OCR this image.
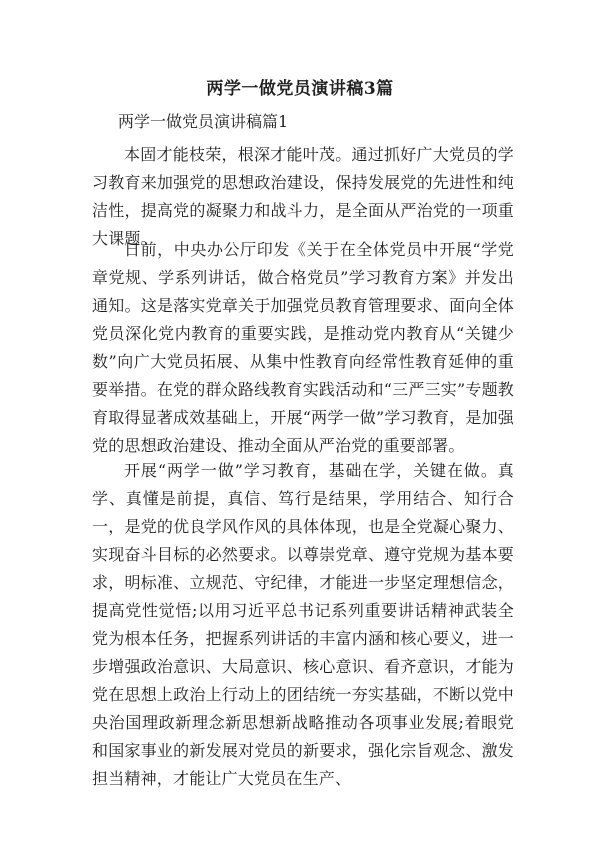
两学一做党员演讲稿3篇
两学一做党员演讲稿篇1

本固才能枝荣，根深才能叶茂。通过抓好广大党员的学习教育来加强党的思想政治建设，保持发展党的先进性和纯洁性，提高党的凝聚力和战斗力，是全面从严治党的一项重大课题。

日前，中央办公厅印发《关于在全体党员中开展“学党章党规、学系列讲话，做合格党员”学习教育方案》并发出通知。这是落实党章关于加强党员教育管理要求、面向全体党员深化党内教育的重要实践，是推动党内教育从“关键少数”向广大党员拓展、从集中性教育向经常性教育延伸的重要举措。在党的群众路线教育实践活动和“三严三实”专题教育取得显著成效基础上，开展“两学一做”学习教育，是加强党的思想政治建设、推动全面从严治党的重要部署。

开展“两学一做”学习教育，基础在学，关键在做。真学、真懂是前提，真信、笃行是结果，学用结合、知行合一，是党的优良学风作风的具体体现，也是全党凝心聚力、实现奋斗目标的必然要求。以尊崇党章、遵守党规为基本要求，明标准、立规范、守纪律，才能进一步坚定理想信念，提高党性觉悟;以用习近平总书记系列重要讲话精神武装全党为根本任务，把握系列讲话的丰富内涵和核心要义，进一步增强政治意识、大局意识、核心意识、看齐意识，才能为党在思想上政治上行动上的团结统一夯实基础，不断以党中央治国理政新理念新思想新战略推动各项事业发展;着眼党和国家事业的新发展对党员的新要求，强化宗旨观念、激发担当精神，才能让广大党员在生产、
